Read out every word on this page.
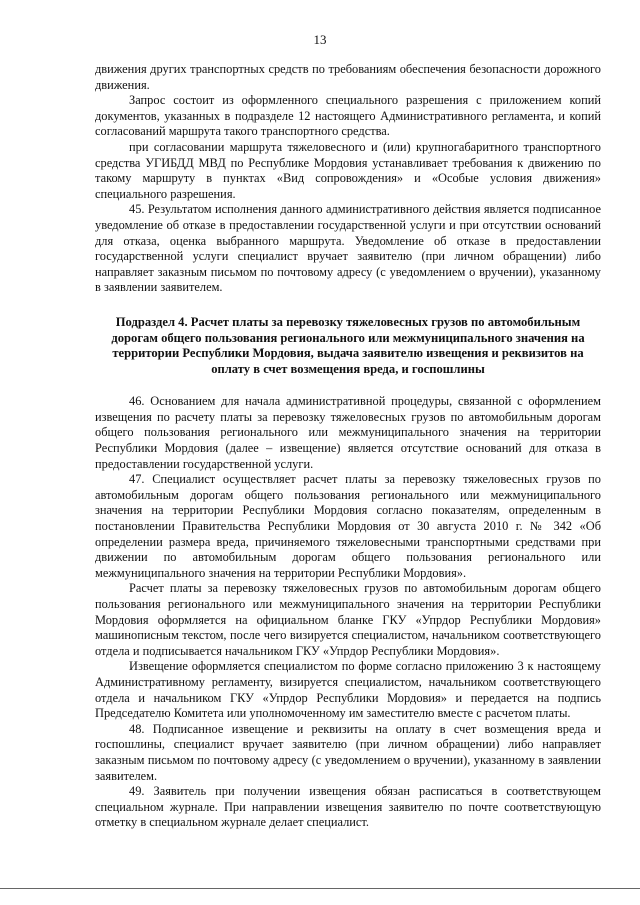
13

движения других транспортных средств по требованиям обеспечения безопасности дорожного движения.

Запрос состоит из оформленного специального разрешения с приложением копий документов, указанных в подразделе 12 настоящего Административного регламента, и копий согласований маршрута такого транспортного средства.

при согласовании маршрута тяжеловесного и (или) крупногабаритного транспортного средства УГИБДД МВД по Республике Мордовия устанавливает требования к движению по такому маршруту в пунктах «Вид сопровождения» и «Особые условия движения» специального разрешения.

45. Результатом исполнения данного административного действия является подписанное уведомление об отказе в предоставлении государственной услуги и при отсутствии оснований для отказа, оценка выбранного маршрута. Уведомление об отказе в предоставлении государственной услуги специалист вручает заявителю (при личном обращении) либо направляет заказным письмом по почтовому адресу (с уведомлением о вручении), указанному в заявлении заявителем.

Подраздел 4. Расчет платы за перевозку тяжеловесных грузов по автомобильным дорогам общего пользования регионального или межмуниципального значения на территории Республики Мордовия, выдача заявителю извещения и реквизитов на оплату в счет возмещения вреда, и госпошлины

46. Основанием для начала административной процедуры, связанной с оформлением извещения по расчету платы за перевозку тяжеловесных грузов по автомобильным дорогам общего пользования регионального или межмуниципального значения на территории Республики Мордовия (далее – извещение) является отсутствие оснований для отказа в предоставлении государственной услуги.

47. Специалист осуществляет расчет платы за перевозку тяжеловесных грузов по автомобильным дорогам общего пользования регионального или межмуниципального значения на территории Республики Мордовия согласно показателям, определенным в постановлении Правительства Республики Мордовия от 30 августа 2010 г. № 342 «Об определении размера вреда, причиняемого тяжеловесными транспортными средствами при движении по автомобильным дорогам общего пользования регионального или межмуниципального значения на территории Республики Мордовия».

Расчет платы за перевозку тяжеловесных грузов по автомобильным дорогам общего пользования регионального или межмуниципального значения на территории Республики Мордовия оформляется на официальном бланке ГКУ «Упрдор Республики Мордовия» машинописным текстом, после чего визируется специалистом, начальником соответствующего отдела и подписывается начальником ГКУ «Упрдор Республики Мордовия».

Извещение оформляется специалистом по форме согласно приложению 3 к настоящему Административному регламенту, визируется специалистом, начальником соответствующего отдела и начальником ГКУ «Упрдор Республики Мордовия» и передается на подпись Председателю Комитета или уполномоченному им заместителю вместе с расчетом платы.

48. Подписанное извещение и реквизиты на оплату в счет возмещения вреда и госпошлины, специалист вручает заявителю (при личном обращении) либо направляет заказным письмом по почтовому адресу (с уведомлением о вручении), указанному в заявлении заявителем.

49. Заявитель при получении извещения обязан расписаться в соответствующем специальном журнале. При направлении извещения заявителю по почте соответствующую отметку в специальном журнале делает специалист.
